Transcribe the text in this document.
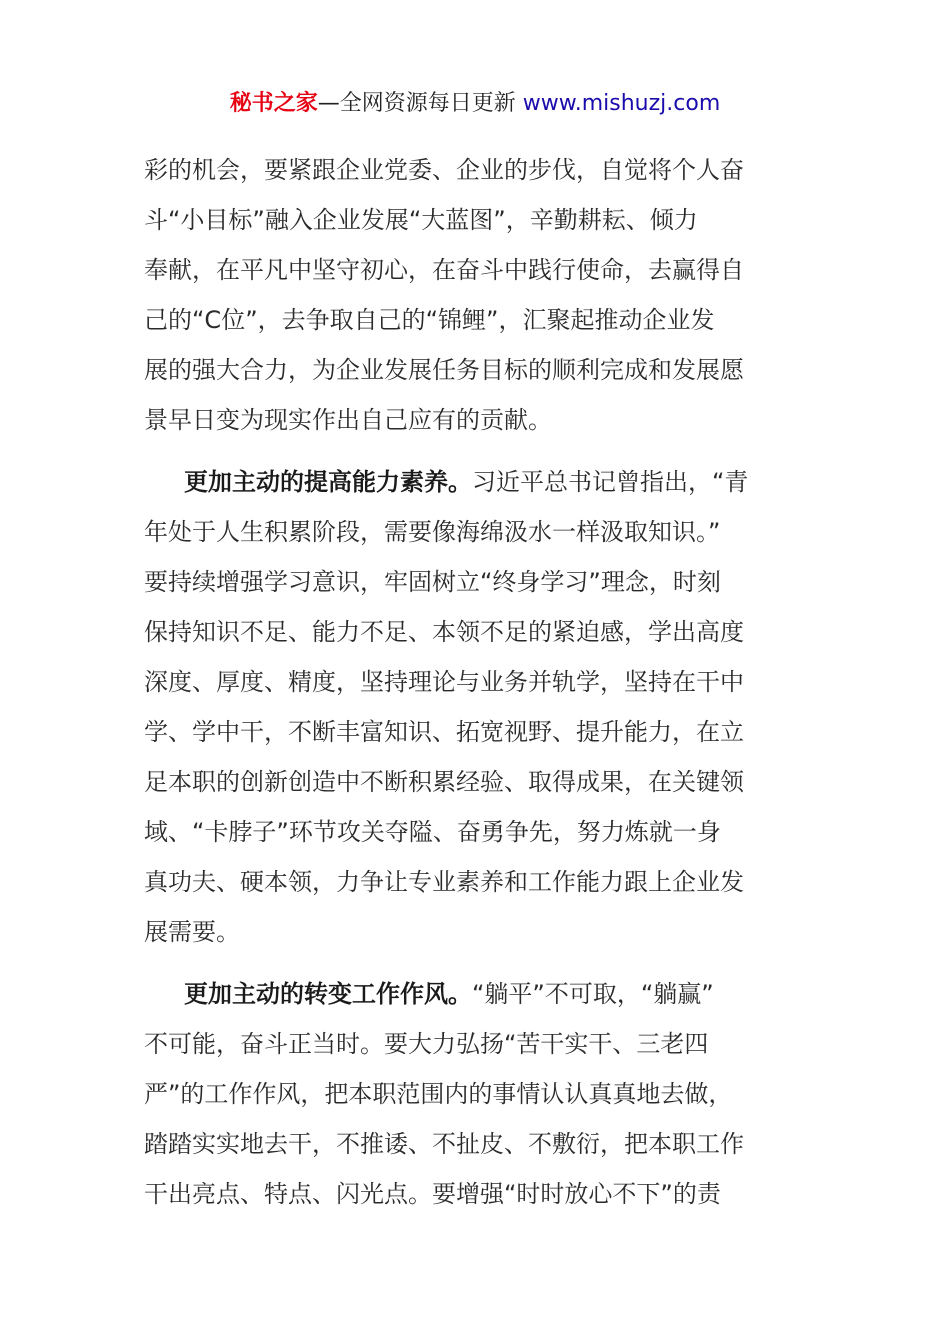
秘书之家—全网资源每日更新 www.mishuzj.com
彩的机会，要紧跟企业党委、企业的步伐，自觉将个人奋
斗“小目标”融入企业发展“大蓝图”，辛勤耕耘、倾力
奉献，在平凡中坚守初心，在奋斗中践行使命，去赢得自
己的“C位”，去争取自己的“锦鲤”，汇聚起推动企业发
展的强大合力，为企业发展任务目标的顺利完成和发展愿
景早日变为现实作出自己应有的贡献。
更加主动的提高能力素养。习近平总书记曾指出，“青
年处于人生积累阶段，需要像海绵汲水一样汲取知识。”
要持续增强学习意识，牢固树立“终身学习”理念，时刻
保持知识不足、能力不足、本领不足的紧迫感，学出高度
深度、厚度、精度，坚持理论与业务并轨学，坚持在干中
学、学中干，不断丰富知识、拓宽视野、提升能力，在立
足本职的创新创造中不断积累经验、取得成果，在关键领
域、“卡脖子”环节攻关夺隘、奋勇争先，努力炼就一身
真功夫、硬本领，力争让专业素养和工作能力跟上企业发
展需要。
更加主动的转变工作作风。“躺平”不可取，“躺赢”
不可能，奋斗正当时。要大力弘扬“苦干实干、三老四
严”的工作作风，把本职范围内的事情认认真真地去做，
踏踏实实地去干，不推诿、不扯皮、不敷衍，把本职工作
干出亮点、特点、闪光点。要增强“时时放心不下”的责
